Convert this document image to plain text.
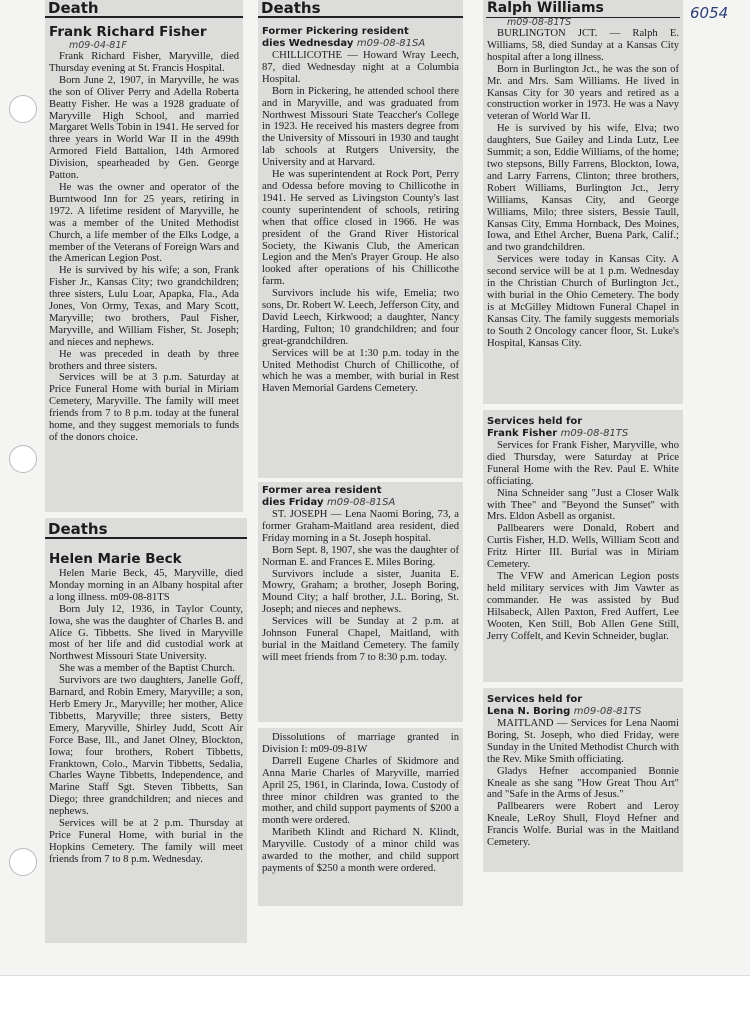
6054
Death
Frank Richard Fisher
m09-04-81F

Frank Richard Fisher, Maryville, died Thursday evening at St. Francis Hospital.

Born June 2, 1907, in Maryville, he was the son of Oliver Perry and Adella Roberta Beatty Fisher. He was a 1928 graduate of Maryville High School, and married Margaret Wells Tobin in 1941. He served for three years in World War II in the 499th Armored Field Battalion, 14th Armored Division, spearheaded by Gen. George Patton.

He was the owner and operator of the Burntwood Inn for 25 years, retiring in 1972. A lifetime resident of Maryville, he was a member of the United Methodist Church, a life member of the Elks Lodge, a member of the Veterans of Foreign Wars and the American Legion Post.

He is survived by his wife; a son, Frank Fisher Jr., Kansas City; two grandchildren; three sisters, Lulu Loar, Apapka, Fla., Ada Jones, Von Ormy, Texas, and Mary Scott, Maryville; two brothers, Paul Fisher, Maryville, and William Fisher, St. Joseph; and nieces and nephews.

He was preceded in death by three brothers and three sisters.

Services will be at 3 p.m. Saturday at Price Funeral Home with burial in Miriam Cemetery, Maryville. The family will meet friends from 7 to 8 p.m. today at the funeral home, and they suggest memorials to funds of the donors choice.

Deaths
Helen Marie Beck

Helen Marie Beck, 45, Maryville, died Monday morning in an Albany hospital after a long illness. m09-08-81TS

Born July 12, 1936, in Taylor County, Iowa, she was the daughter of Charles B. and Alice G. Tibbetts. She lived in Maryville most of her life and did custodial work at Northwest Missouri State University.

She was a member of the Baptist Church.

Survivors are two daughters, Janelle Goff, Barnard, and Robin Emery, Maryville; a son, Herb Emery Jr., Maryville; her mother, Alice Tibbetts, Maryville; three sisters, Betty Emery, Maryville, Shirley Judd, Scott Air Force Base, Ill., and Janet Olney, Blockton, Iowa; four brothers, Robert Tibbetts, Franktown, Colo., Marvin Tibbetts, Sedalia, Charles Wayne Tibbetts, Independence, and Marine Staff Sgt. Steven Tibbetts, San Diego; three grandchildren; and nieces and nephews.

Services will be at 2 p.m. Thursday at Price Funeral Home, with burial in the Hopkins Cemetery. The family will meet friends from 7 to 8 p.m. Wednesday.

Deaths
Former Pickering resident
dies Wednesday m09-08-81SA

CHILLICOTHE — Howard Wray Leech, 87, died Wednesday night at a Columbia Hospital.

Born in Pickering, he attended school there and in Maryville, and was graduated from Northwest Missouri State Teaccher's College in 1923. He received his masters degree from the University of Missouri in 1930 and taught lab schools at Rutgers University, the University and at Harvard.

He was superintendent at Rock Port, Perry and Odessa before moving to Chillicothe in 1941. He served as Livingston County's last county superintendent of schools, retiring when that office closed in 1966. He was president of the Grand River Historical Society, the Kiwanis Club, the American Legion and the Men's Prayer Group. He also looked after operations of his Chillicothe farm.

Survivors include his wife, Emelia; two sons, Dr. Robert W. Leech, Jefferson City, and David Leech, Kirkwood; a daughter, Nancy Harding, Fulton; 10 grandchildren; and four great-grandchildren.

Services will be at 1:30 p.m. today in the United Methodist Church of Chillicothe, of which he was a member, with burial in Rest Haven Memorial Gardens Cemetery.

Former area resident
dies Friday m09-08-81SA

ST. JOSEPH — Lena Naomi Boring, 73, a former Graham-Maitland area resident, died Friday morning in a St. Joseph hospital.

Born Sept. 8, 1907, she was the daughter of Norman E. and Frances E. Miles Boring.

Survivors include a sister, Juanita E. Mowry, Graham; a brother, Joseph Boring, Mound City; a half brother, J.L. Boring, St. Joseph; and nieces and nephews.

Services will be Sunday at 2 p.m. at Johnson Funeral Chapel, Maitland, with burial in the Maitland Cemetery. The family will meet friends from 7 to 8:30 p.m. today.

Dissolutions of marriage granted in Division I: m09-09-81W

Darrell Eugene Charles of Skidmore and Anna Marie Charles of Maryville, married April 25, 1961, in Clarinda, Iowa. Custody of three minor children was granted to the mother, and child support payments of $200 a month were ordered.

Maribeth Klindt and Richard N. Klindt, Maryville. Custody of a minor child was awarded to the mother, and child support payments of $250 a month were ordered.

Ralph Williams
m09-08-81TS

BURLINGTON JCT. — Ralph E. Williams, 58, died Sunday at a Kansas City hospital after a long illness.

Born in Burlington Jct., he was the son of Mr. and Mrs. Sam Williams. He lived in Kansas City for 30 years and retired as a construction worker in 1973. He was a Navy veteran of World War II.

He is survived by his wife, Elva; two daughters, Sue Gailey and Linda Lutz, Lee Summit; a son, Eddie Williams, of the home; two stepsons, Billy Farrens, Blockton, Iowa, and Larry Farrens, Clinton; three brothers, Robert Williams, Burlington Jct., Jerry Williams, Kansas City, and George Williams, Milo; three sisters, Bessie Taull, Kansas City, Emma Hornback, Des Moines, Iowa, and Ethel Archer, Buena Park, Calif.; and two grandchildren.

Services were today in Kansas City. A second service will be at 1 p.m. Wednesday in the Christian Church of Burlington Jct., with burial in the Ohio Cemetery. The body is at McGilley Midtown Funeral Chapel in Kansas City. The family suggests memorials to South 2 Oncology cancer floor, St. Luke's Hospital, Kansas City.

Services held for
Frank Fisher m09-08-81TS

Services for Frank Fisher, Maryville, who died Thursday, were Saturday at Price Funeral Home with the Rev. Paul E. White officiating.

Nina Schneider sang "Just a Closer Walk with Thee" and "Beyond the Sunset" with Mrs. Eldon Asbell as organist.

Pallbearers were Donald, Robert and Curtis Fisher, H.D. Wells, William Scott and Fritz Hirter III. Burial was in Miriam Cemetery.

The VFW and American Legion posts held military services with Jim Vawter as commander. He was assisted by Bud Hilsabeck, Allen Paxton, Fred Auffert, Lee Wooten, Ken Still, Bob Allen Gene Still, Jerry Coffelt, and Kevin Schneider, buglar.

Services held for
Lena N. Boring m09-08-81TS

MAITLAND — Services for Lena Naomi Boring, St. Joseph, who died Friday, were Sunday in the United Methodist Church with the Rev. Mike Smith officiating.

Gladys Hefner accompanied Bonnie Kneale as she sang "How Great Thou Art" and "Safe in the Arms of Jesus."

Pallbearers were Robert and Leroy Kneale, LeRoy Shull, Floyd Hefner and Francis Wolfe. Burial was in the Maitland Cemetery.
